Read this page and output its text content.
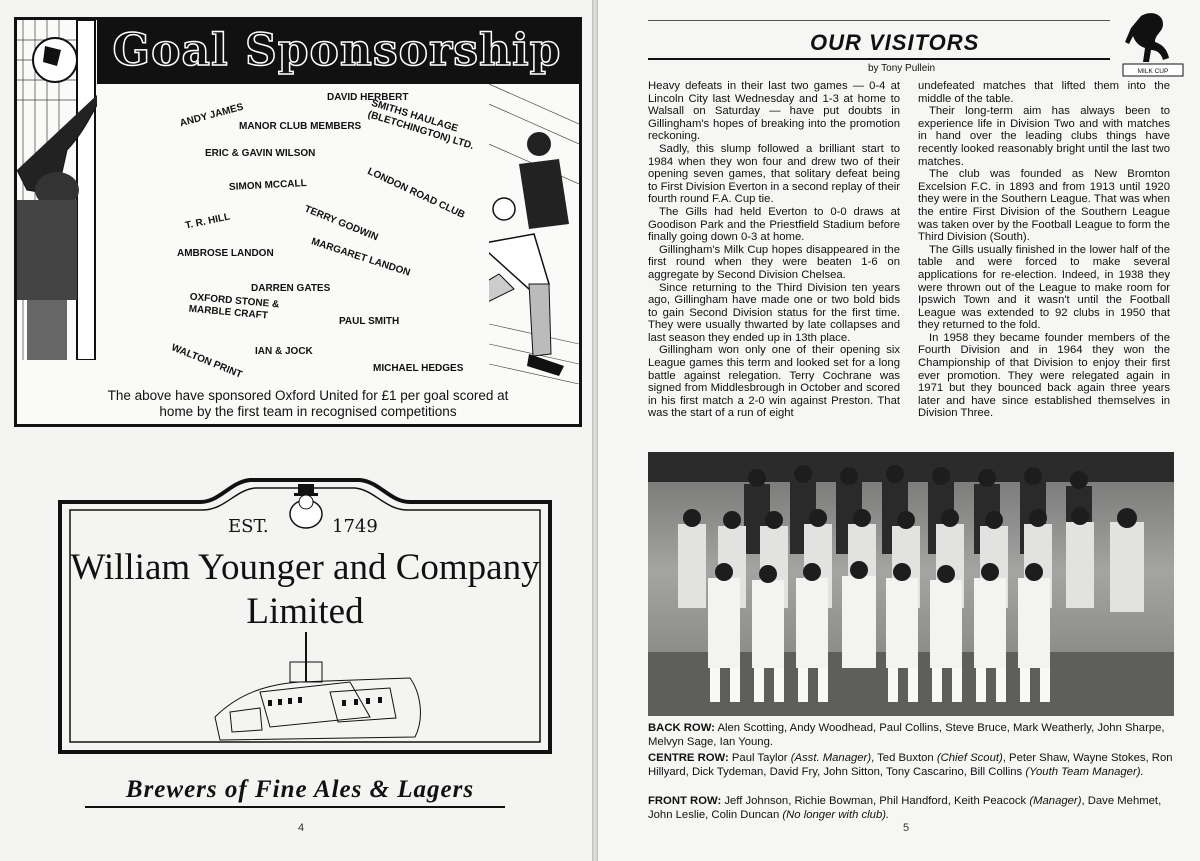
Goal Sponsorship
ANDY JAMES
DAVID HERBERT
MANOR CLUB MEMBERS SMITHS HAULAGE (BLETCHINGTON) LTD.
ERIC & GAVIN WILSON
SIMON MCCALL	LONDON ROAD CLUB
T. R. HILL	TERRY GODWIN
AMBROSE LANDON	MARGARET LANDON
DARREN GATES
OXFORD STONE & MARBLE CRAFT
PAUL SMITH
IAN & JOCK
WALTON PRINT	MICHAEL HEDGES
The above have sponsored Oxford United for £1 per goal scored at home by the first team in recognised competitions
EST.	1749
William Younger and Company Limited
Brewers of Fine Ales & Lagers
4
OUR VISITORS
by Tony Pullein	MILK CUP

Heavy defeats in their last two games — 0-4 at Lincoln City last Wednesday and 1-3 at home to Walsall on Saturday — have put doubts in Gillingham's hopes of breaking into the promotion reckoning.

Sadly, this slump followed a brilliant start to 1984 when they won four and drew two of their opening seven games, that solitary defeat being to First Division Everton in a second replay of their fourth round F.A. Cup tie.

The Gills had held Everton to 0-0 draws at Goodison Park and the Priestfield Stadium before finally going down 0-3 at home.

Gillingham's Milk Cup hopes disappeared in the first round when they were beaten 1-6 on aggregate by Second Division Chelsea.

Since returning to the Third Division ten years ago, Gillingham have made one or two bold bids to gain Second Division status for the first time. They were usually thwarted by late collapses and last season they ended up in 13th place.

Gillingham won only one of their opening six League games this term and looked set for a long battle against relegation. Terry Cochrane was signed from Middlesbrough in October and scored in his first match a 2-0 win against Preston. That was the start of a run of eight

undefeated matches that lifted them into the middle of the table.

Their long-term aim has always been to experience life in Division Two and with matches in hand over the leading clubs things have recently looked reasonably bright until the last two matches.

The club was founded as New Bromton Excelsion F.C. in 1893 and from 1913 until 1920 they were in the Southern League. That was when the entire First Division of the Southern League was taken over by the Football League to form the Third Division (South).

The Gills usually finished in the lower half of the table and were forced to make several applications for re-election. Indeed, in 1938 they were thrown out of the League to make room for Ipswich Town and it wasn't until the Football League was extended to 92 clubs in 1950 that they returned to the fold.

In 1958 they became founder members of the Fourth Division and in 1964 they won the Championship of that Division to enjoy their first ever promotion. They were relegated again in 1971 but they bounced back again three years later and have since established themselves in Division Three.

BACK ROW: Alen Scotting, Andy Woodhead, Paul Collins, Steve Bruce, Mark Weatherly, John Sharpe, Melvyn Sage, Ian Young.
CENTRE ROW: Paul Taylor (Asst. Manager), Ted Buxton (Chief Scout), Peter Shaw, Wayne Stokes, Ron Hillyard, Dick Tydeman, David Fry, John Sitton, Tony Cascarino, Bill Collins (Youth Team Manager).
FRONT ROW: Jeff Johnson, Richie Bowman, Phil Handford, Keith Peacock (Manager), Dave Mehmet, John Leslie, Colin Duncan (No longer with club).
5
